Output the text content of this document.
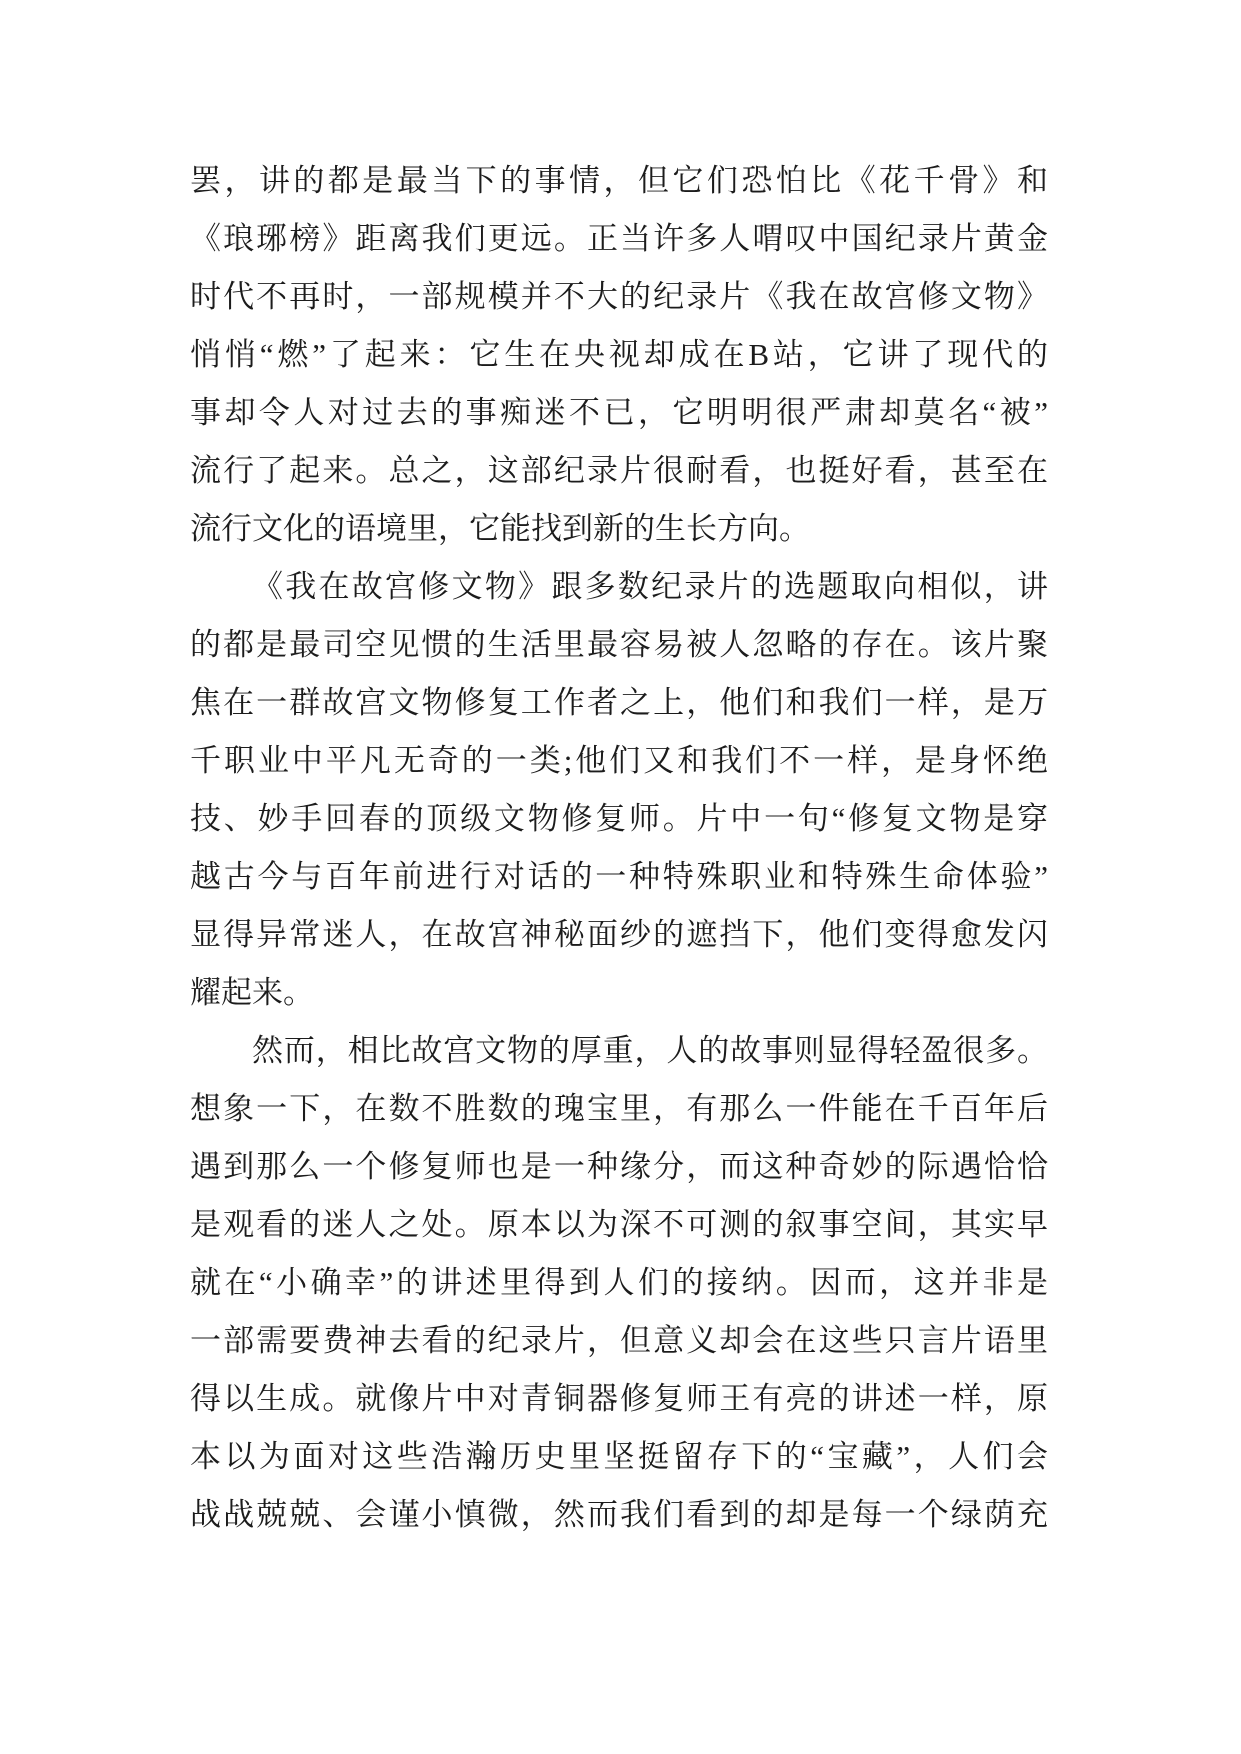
罢，讲的都是最当下的事情，但它们恐怕比《花千骨》和
《琅琊榜》距离我们更远。正当许多人喟叹中国纪录片黄金
时代不再时，一部规模并不大的纪录片《我在故宫修文物》
悄悄“燃”了起来：它生在央视却成在B站，它讲了现代的
事却令人对过去的事痴迷不已，它明明很严肃却莫名“被”
流行了起来。总之，这部纪录片很耐看，也挺好看，甚至在
流行文化的语境里，它能找到新的生长方向。
《我在故宫修文物》跟多数纪录片的选题取向相似，讲
的都是最司空见惯的生活里最容易被人忽略的存在。该片聚
焦在一群故宫文物修复工作者之上，他们和我们一样，是万
千职业中平凡无奇的一类;他们又和我们不一样，是身怀绝
技、妙手回春的顶级文物修复师。片中一句“修复文物是穿
越古今与百年前进行对话的一种特殊职业和特殊生命体验”
显得异常迷人，在故宫神秘面纱的遮挡下，他们变得愈发闪
耀起来。
然而，相比故宫文物的厚重，人的故事则显得轻盈很多。
想象一下，在数不胜数的瑰宝里，有那么一件能在千百年后
遇到那么一个修复师也是一种缘分，而这种奇妙的际遇恰恰
是观看的迷人之处。原本以为深不可测的叙事空间，其实早
就在“小确幸”的讲述里得到人们的接纳。因而，这并非是
一部需要费神去看的纪录片，但意义却会在这些只言片语里
得以生成。就像片中对青铜器修复师王有亮的讲述一样，原
本以为面对这些浩瀚历史里坚挺留存下的“宝藏”，人们会
战战兢兢、会谨小慎微，然而我们看到的却是每一个绿荫充
